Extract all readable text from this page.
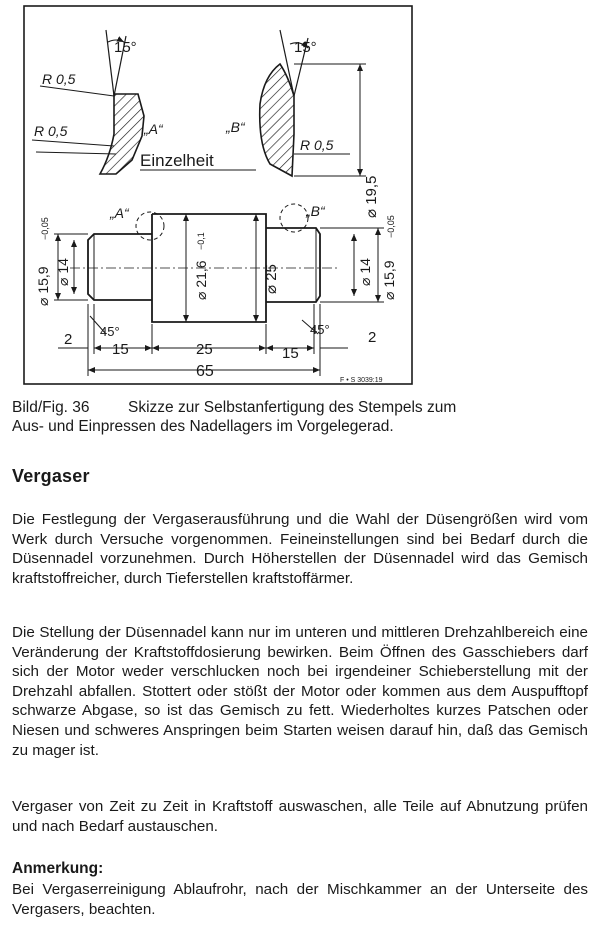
15°
R 0,5
R 0,5	„A“
15°
„B“
R 0,5
⌀ 19,5
Einzelheit
„A“	„B“
⌀ 15,9
−0,05
⌀ 14	⌀ 21,6
−0,1
⌀ 25	⌀ 14 ⌀ 15,9
−0,05
2 45°
15	25
45°	2
15
65
F • S 3039:19
Bild/Fig. 36 Skizze zur Selbstanfertigung des Stempels zum
Aus- und Einpressen des Nadellagers im Vorgelegerad.
Vergaser

Die Festlegung der Vergaserausführung und die Wahl der Düsengrößen wird vom Werk durch Versuche vorgenommen. Feineinstellungen sind bei Bedarf durch die Düsennadel vorzunehmen. Durch Höherstellen der Düsennadel wird das Gemisch kraftstoffreicher, durch Tieferstellen kraftstoffärmer.

Die Stellung der Düsennadel kann nur im unteren und mittleren Drehzahlbereich eine Veränderung der Kraftstoffdosierung bewirken. Beim Öffnen des Gasschiebers darf sich der Motor weder verschlucken noch bei irgendeiner Schieberstellung mit der Drehzahl abfallen. Stottert oder stößt der Motor oder kommen aus dem Auspufftopf schwarze Abgase, so ist das Gemisch zu fett. Wiederholtes kurzes Patschen oder Niesen und schweres Anspringen beim Starten weisen darauf hin, daß das Gemisch zu mager ist.

Vergaser von Zeit zu Zeit in Kraftstoff auswaschen, alle Teile auf Abnutzung prüfen und nach Bedarf austauschen.

Anmerkung:

Bei Vergaserreinigung Ablaufrohr, nach der Mischkammer an der Unterseite des Vergasers, beachten.
